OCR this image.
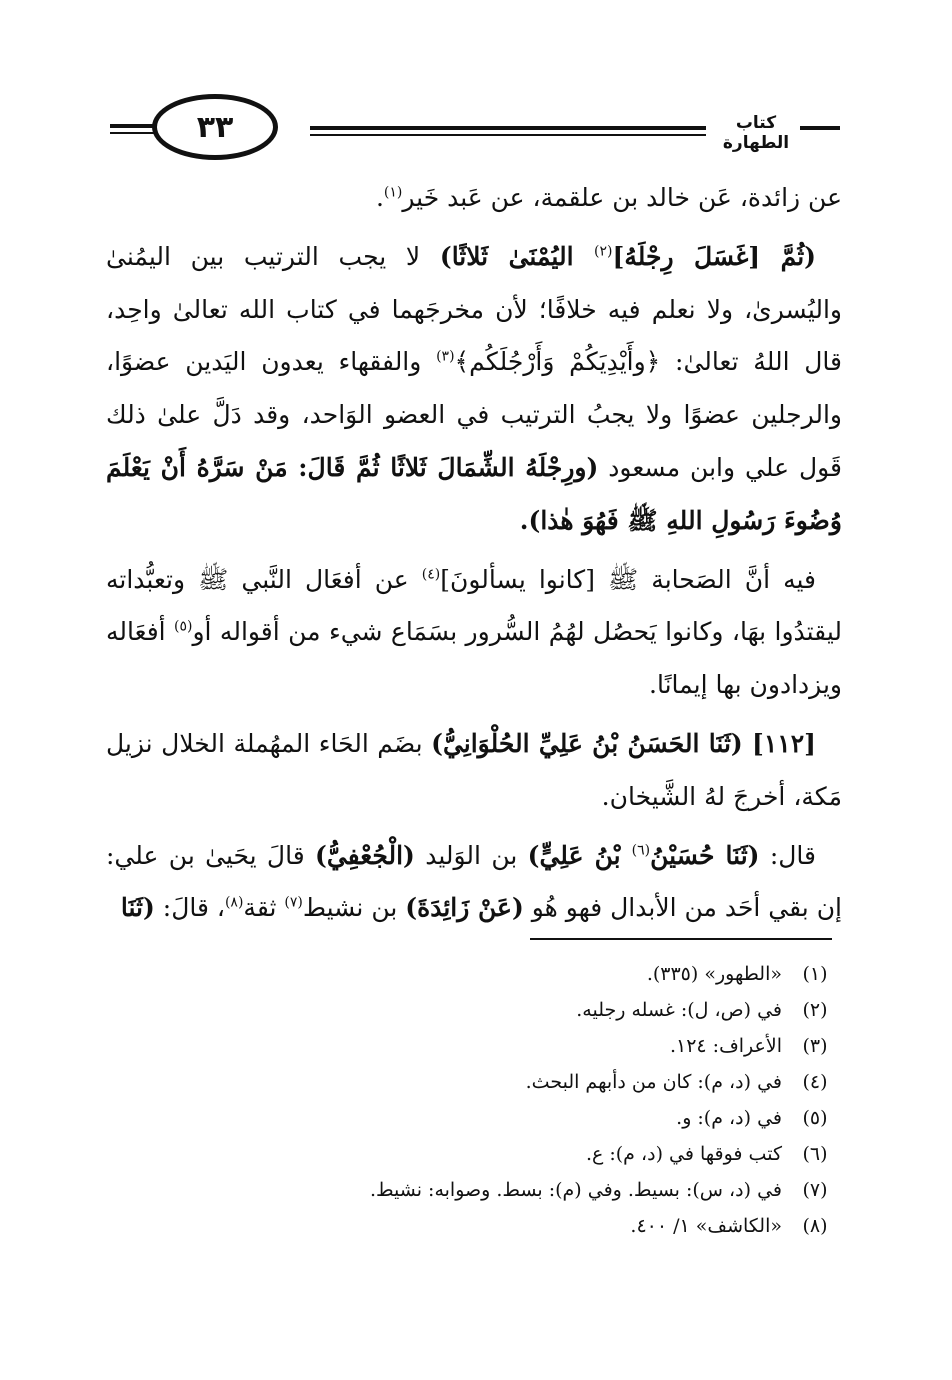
٣٣	كتاب الطهارة

عن زائدة، عَن خالد بن علقمة، عن عَبد خَير$^{(١)}$.

(ثُمَّ [غَسَلَ رِجْلَهُ]$^{(٢)}$ اليُمْنَىٰ ثَلاثًا) لا يجب الترتيب بين اليمُنىٰ واليُسرىٰ، ولا نعلم فيه خلافًا؛ لأن مخرجَهما في كتاب الله تعالىٰ واحِد، قال اللهُ تعالىٰ: ﴿وأَيْدِيَكُمْ وَأَرْجُلَكُم﴾$^{(٣)}$ والفقهاء يعدون اليَدين عضوًا، والرجلين عضوًا ولا يجبُ الترتيب في العضو الوَاحد، وقد دَلَّ علىٰ ذلك قَول علي وابن مسعود (ورِجْلَهُ الشِّمَالَ ثَلاثًا ثُمَّ قَالَ: مَنْ سَرَّهُ أَنْ يَعْلَمَ وُضُوءَ رَسُولِ اللهِ ﷺ فَهُوَ هٰذا).

فيه أنَّ الصَحابة ﷺ [كانوا يسألونَ]$^{(٤)}$ عن أفعَال النَّبي ﷺ وتعبُّداته ليقتدُوا بهَا، وكانوا يَحصُل لهُمُ السُّرور بسَمَاع شيء من أقواله أو$^{(٥)}$ أفعَاله ويزدادون بها إيمانًا.

[١١٢] (ثَنَا الحَسَنُ بْنُ عَلِيِّ الحُلْوَانِيُّ) بضَم الحَاء المهُملة الخلال نزيل مَكة، أخرجَ لهُ الشَّيخان.

قال: (ثَنَا حُسَيْنُ$^{(٦)}$ بْنُ عَلِيٍّ) بن الوَليد (الْجُعْفِيُّ) قالَ يحَيىٰ بن علي: إن بقي أحَد من الأبدال فهو هُو (عَنْ زَائِدَةَ) بن نشيط$^{(٧)}$ ثقة$^{(٨)}$، قالَ: (ثَنَا

(١)
«الطهور» (٣٣٥).
(٢)
في (ص، ل): غسله رجليه.
(٣)
الأعراف: ١٢٤.
(٤)
في (د، م): كان من دأبهم البحث.
(٥)
في (د، م): و.
(٦)
كتب فوقها في (د، م): ع.
(٧)
في (د، س): بسيط. وفي (م): بسط. وصوابه: نشيط.
(٨)
«الكاشف» ١/ ٤٠٠.
